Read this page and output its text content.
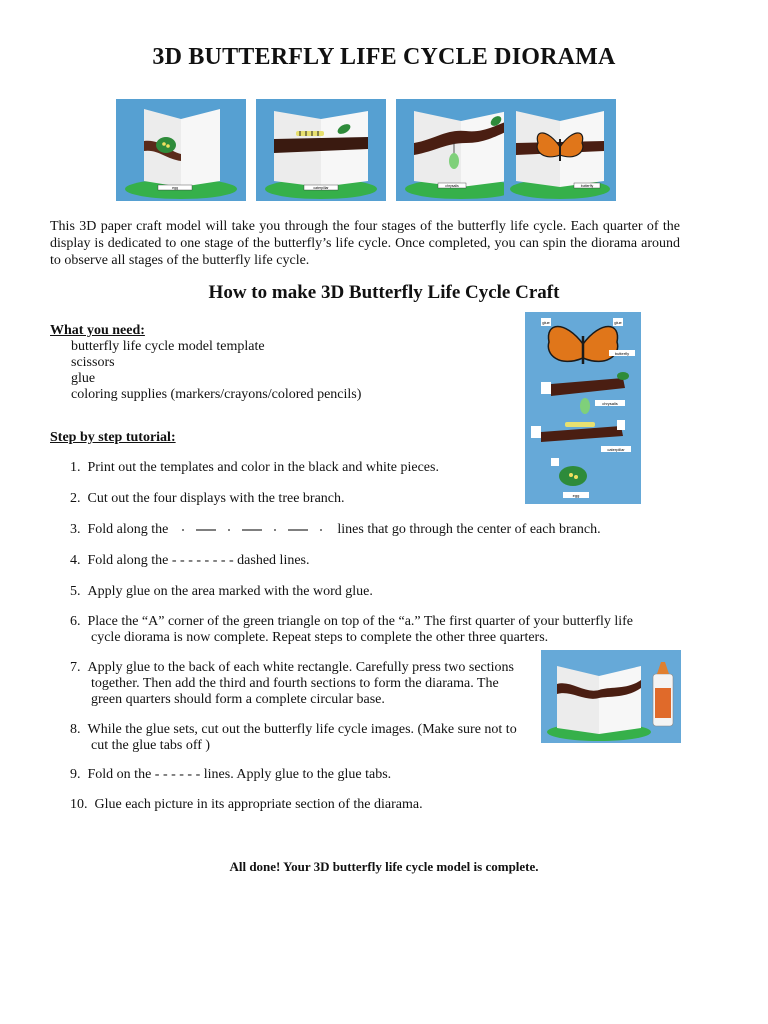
3D BUTTERFLY LIFE CYCLE DIORAMA
egg	caterpillar	chrysalis	butterfly
This 3D paper craft model will take you through the four stages of the butterfly life cycle. Each quarter of the display is dedicated to one stage of the butterfly’s life cycle. Once completed, you can spin the diorama around to observe all stages of the butterfly life cycle.
How to make 3D Butterfly Life Cycle Craft
What you need:
butterfly life cycle model template
scissors
glue
coloring supplies (markers/crayons/colored pencils)
glue	glue
butterfly
chrysalis
caterpillar
egg
Step by step tutorial:
1. Print out the templates and color in the black and white pieces.
2. Cut out the four displays with the tree branch.
3. Fold along the	lines that go through the center of each branch.
4. Fold along the - - - - - - - - dashed lines.
5. Apply glue on the area marked with the word glue.
6. Place the “A” corner of the green triangle on top of the “a.” The first quarter of your butterfly life
cycle diorama is now complete. Repeat steps to complete the other three quarters.
7. Apply glue to the back of each white rectangle. Carefully press two sections
together. Then add the third and fourth sections to form the diarama. The
green quarters should form a complete circular base.
8. While the glue sets, cut out the butterfly life cycle images. (Make sure not to
cut the glue tabs off )
9. Fold on the - - - - - - lines. Apply glue to the glue tabs.
10. Glue each picture in its appropriate section of the diarama.
All done! Your 3D butterfly life cycle model is complete.
